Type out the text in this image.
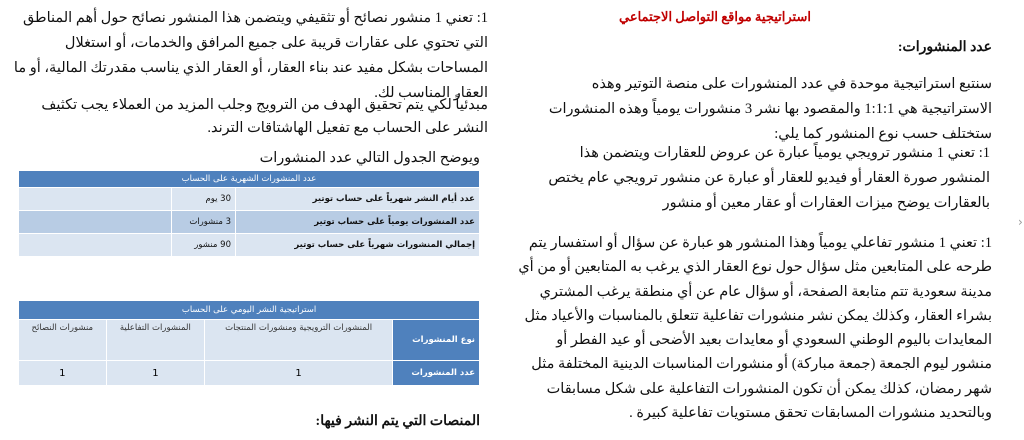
استراتيجية مواقع التواصل الاجتماعي
عدد المنشورات:

سنتبع استراتيجية موحدة في عدد المنشورات على منصة التوتير وهذه الاستراتيجية هي 1:1:1 والمقصود بها نشر 3 منشورات يومياً وهذه المنشورات ستختلف حسب نوع المنشور كما يلي:

1: تعني 1 منشور ترويجي يومياً عبارة عن عروض للعقارات ويتضمن هذا المنشور صورة العقار أو فيديو للعقار أو عبارة عن منشور ترويجي عام يختص بالعقارات يوضح ميزات العقارات أو عقار معين أو منشور

1: تعني 1 منشور تفاعلي يومياً وهذا المنشور هو عبارة عن سؤال أو استفسار يتم طرحه على المتابعين مثل سؤال حول نوع العقار الذي يرغب به المتابعين أو من أي مدينة سعودية تتم متابعة الصفحة، أو سؤال عام عن أي منطقة يرغب المشتري بشراء العقار، وكذلك يمكن نشر منشورات تفاعلية تتعلق بالمناسبات والأعياد مثل المعايدات باليوم الوطني السعودي أو معايدات بعيد الأضحى أو عيد الفطر أو منشور ليوم الجمعة (جمعة مباركة) أو منشورات المناسبات الدينية المختلفة مثل شهر رمضان، كذلك يمكن أن تكون المنشورات التفاعلية على شكل مسابقات وبالتحديد منشورات المسابقات تحقق مستويات تفاعلية كبيرة .

1: تعني 1 منشور نصائح أو تثقيفي ويتضمن هذا المنشور نصائح حول أهم المناطق التي تحتوي على عقارات قريبة على جميع المرافق والخدمات، أو استغلال المساحات بشكل مفيد عند بناء العقار، أو العقار الذي يناسب مقدرتك المالية، أو ما العقار المناسب لك.

مبدئياً لكي يتم تحقيق الهدف من الترويج وجلب المزيد من العملاء يجب تكثيف النشر على الحساب مع تفعيل الهاشتاقات الترند.

ويوضح الجدول التالي عدد المنشورات
عدد المنشورات الشهرية على الحساب		
عدد أيام النشر شهرياً على حساب توتير	30 يوم	
عدد المنشورات يومياً على حساب توتير	3 منشورات	
إجمالي المنشورات شهرياً على حساب توتير	90 منشور	
استراتيجية النشر اليومي على الحساب			
نوع المنشورات	المنشورات الترويجية ومنشورات المنتجات	المنشورات التفاعلية	منشورات النصائح
عدد المنشورات	1	1	1
المنصات التي يتم النشر فيها:
›
